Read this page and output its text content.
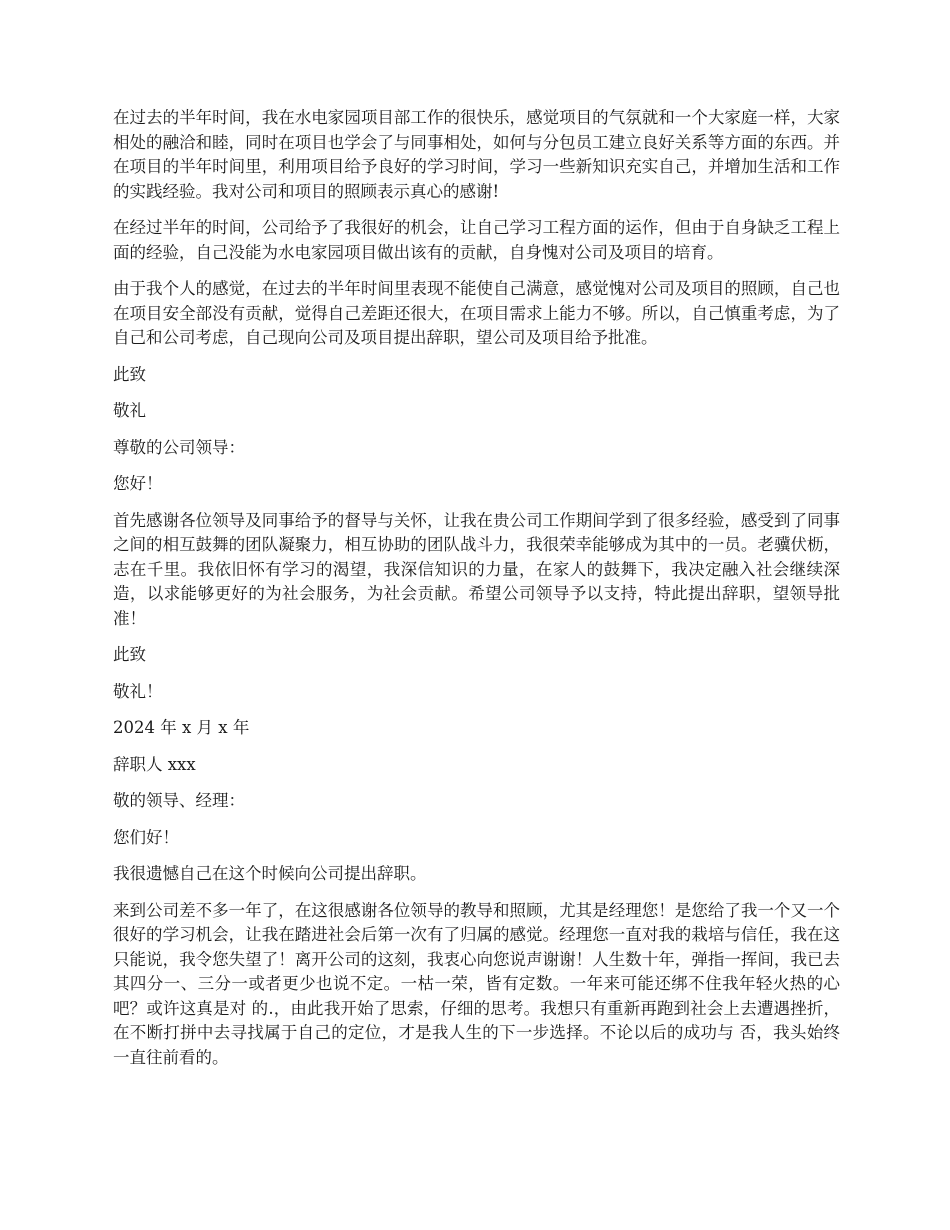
在过去的半年时间，我在水电家园项目部工作的很快乐，感觉项目的气氛就和一个大家庭一样，大家相处的融洽和睦，同时在项目也学会了与同事相处，如何与分包员工建立良好关系等方面的东西。并在项目的半年时间里，利用项目给予良好的学习时间，学习一些新知识充实自己，并增加生活和工作的实践经验。我对公司和项目的照顾表示真心的感谢!

在经过半年的时间，公司给予了我很好的机会，让自己学习工程方面的运作，但由于自身缺乏工程上面的经验，自己没能为水电家园项目做出该有的贡献，自身愧对公司及项目的培育。

由于我个人的感觉，在过去的半年时间里表现不能使自己满意，感觉愧对公司及项目的照顾，自己也在项目安全部没有贡献，觉得自己差距还很大，在项目需求上能力不够。所以，自己慎重考虑，为了自己和公司考虑，自己现向公司及项目提出辞职，望公司及项目给予批准。

此致

敬礼

尊敬的公司领导：

您好！

首先感谢各位领导及同事给予的督导与关怀，让我在贵公司工作期间学到了很多经验，感受到了同事之间的相互鼓舞的团队凝聚力，相互协助的团队战斗力，我很荣幸能够成为其中的一员。老骥伏枥，志在千里。我依旧怀有学习的渴望，我深信知识的力量，在家人的鼓舞下，我决定融入社会继续深造，以求能够更好的为社会服务，为社会贡献。希望公司领导予以支持，特此提出辞职，望领导批准！

此致

敬礼！

2024 年 x 月 x 年

辞职人 xxx

敬的领导、经理：

您们好！

我很遗憾自己在这个时候向公司提出辞职。

来到公司差不多一年了，在这很感谢各位领导的教导和照顾，尤其是经理您！是您给了我一个又一个很好的学习机会，让我在踏进社会后第一次有了归属的感觉。经理您一直对我的栽培与信任，我在这只能说，我令您失望了！离开公司的这刻，我衷心向您说声谢谢！人生数十年，弹指一挥间，我已去其四分一、三分一或者更少也说不定。一枯一荣，皆有定数。一年来可能还绑不住我年轻火热的心吧？或许这真是对 的.，由此我开始了思索，仔细的思考。我想只有重新再跑到社会上去遭遇挫折，在不断打拼中去寻找属于自己的定位，才是我人生的下一步选择。不论以后的成功与 否，我头始终一直往前看的。
